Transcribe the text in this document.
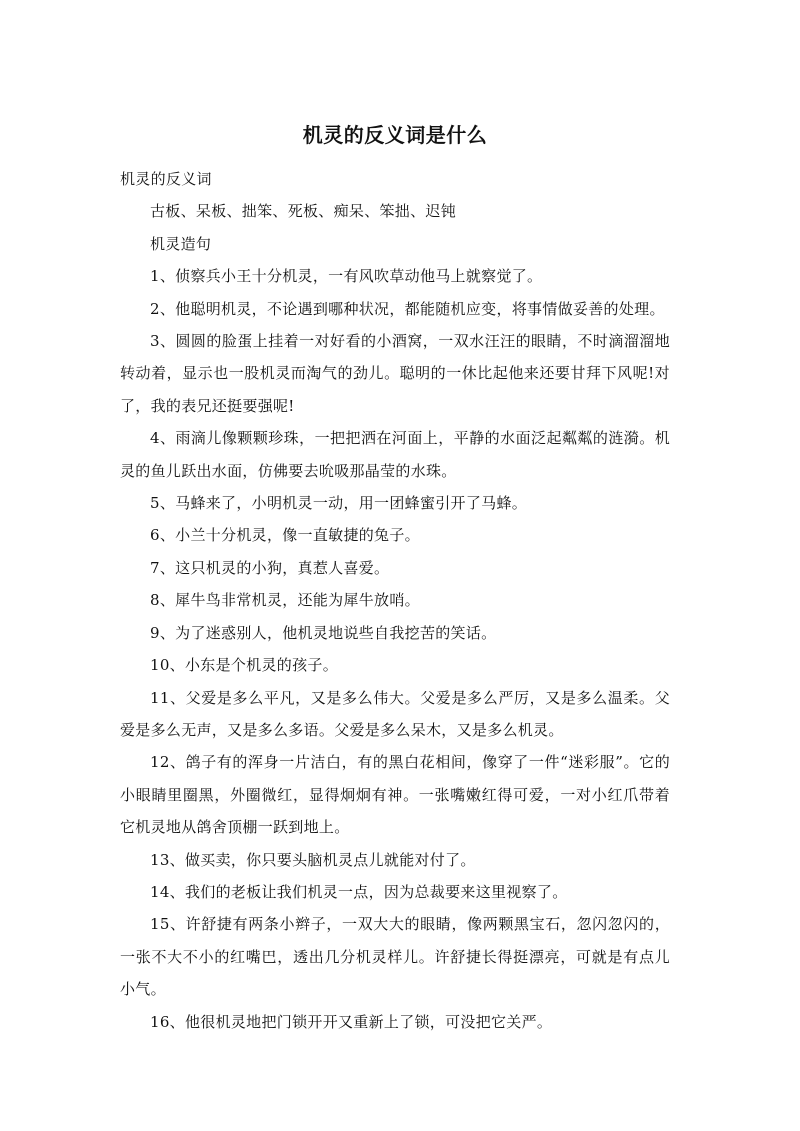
机灵的反义词是什么

机灵的反义词

古板、呆板、拙笨、死板、痴呆、笨拙、迟钝

机灵造句

1、侦察兵小王十分机灵，一有风吹草动他马上就察觉了。

2、他聪明机灵，不论遇到哪种状况，都能随机应变，将事情做妥善的处理。

3、圆圆的脸蛋上挂着一对好看的小酒窝，一双水汪汪的眼睛，不时滴溜溜地转动着，显示也一股机灵而淘气的劲儿。聪明的一休比起他来还要甘拜下风呢!对了，我的表兄还挺要强呢!

4、雨滴儿像颗颗珍珠，一把把洒在河面上，平静的水面泛起粼粼的涟漪。机灵的鱼儿跃出水面，仿佛要去吮吸那晶莹的水珠。

5、马蜂来了，小明机灵一动，用一团蜂蜜引开了马蜂。

6、小兰十分机灵，像一直敏捷的兔子。

7、这只机灵的小狗，真惹人喜爱。

8、犀牛鸟非常机灵，还能为犀牛放哨。

9、为了迷惑别人，他机灵地说些自我挖苦的笑话。

10、小东是个机灵的孩子。

11、父爱是多么平凡，又是多么伟大。父爱是多么严厉，又是多么温柔。父爱是多么无声，又是多么多语。父爱是多么呆木，又是多么机灵。

12、鸽子有的浑身一片洁白，有的黑白花相间，像穿了一件“迷彩服”。它的小眼睛里圈黑，外圈微红，显得炯炯有神。一张嘴嫩红得可爱，一对小红爪带着它机灵地从鸽舍顶棚一跃到地上。

13、做买卖，你只要头脑机灵点儿就能对付了。

14、我们的老板让我们机灵一点，因为总裁要来这里视察了。

15、许舒捷有两条小辫子，一双大大的眼睛，像两颗黑宝石，忽闪忽闪的，一张不大不小的红嘴巴，透出几分机灵样儿。许舒捷长得挺漂亮，可就是有点儿小气。

16、他很机灵地把门锁开开又重新上了锁，可没把它关严。
